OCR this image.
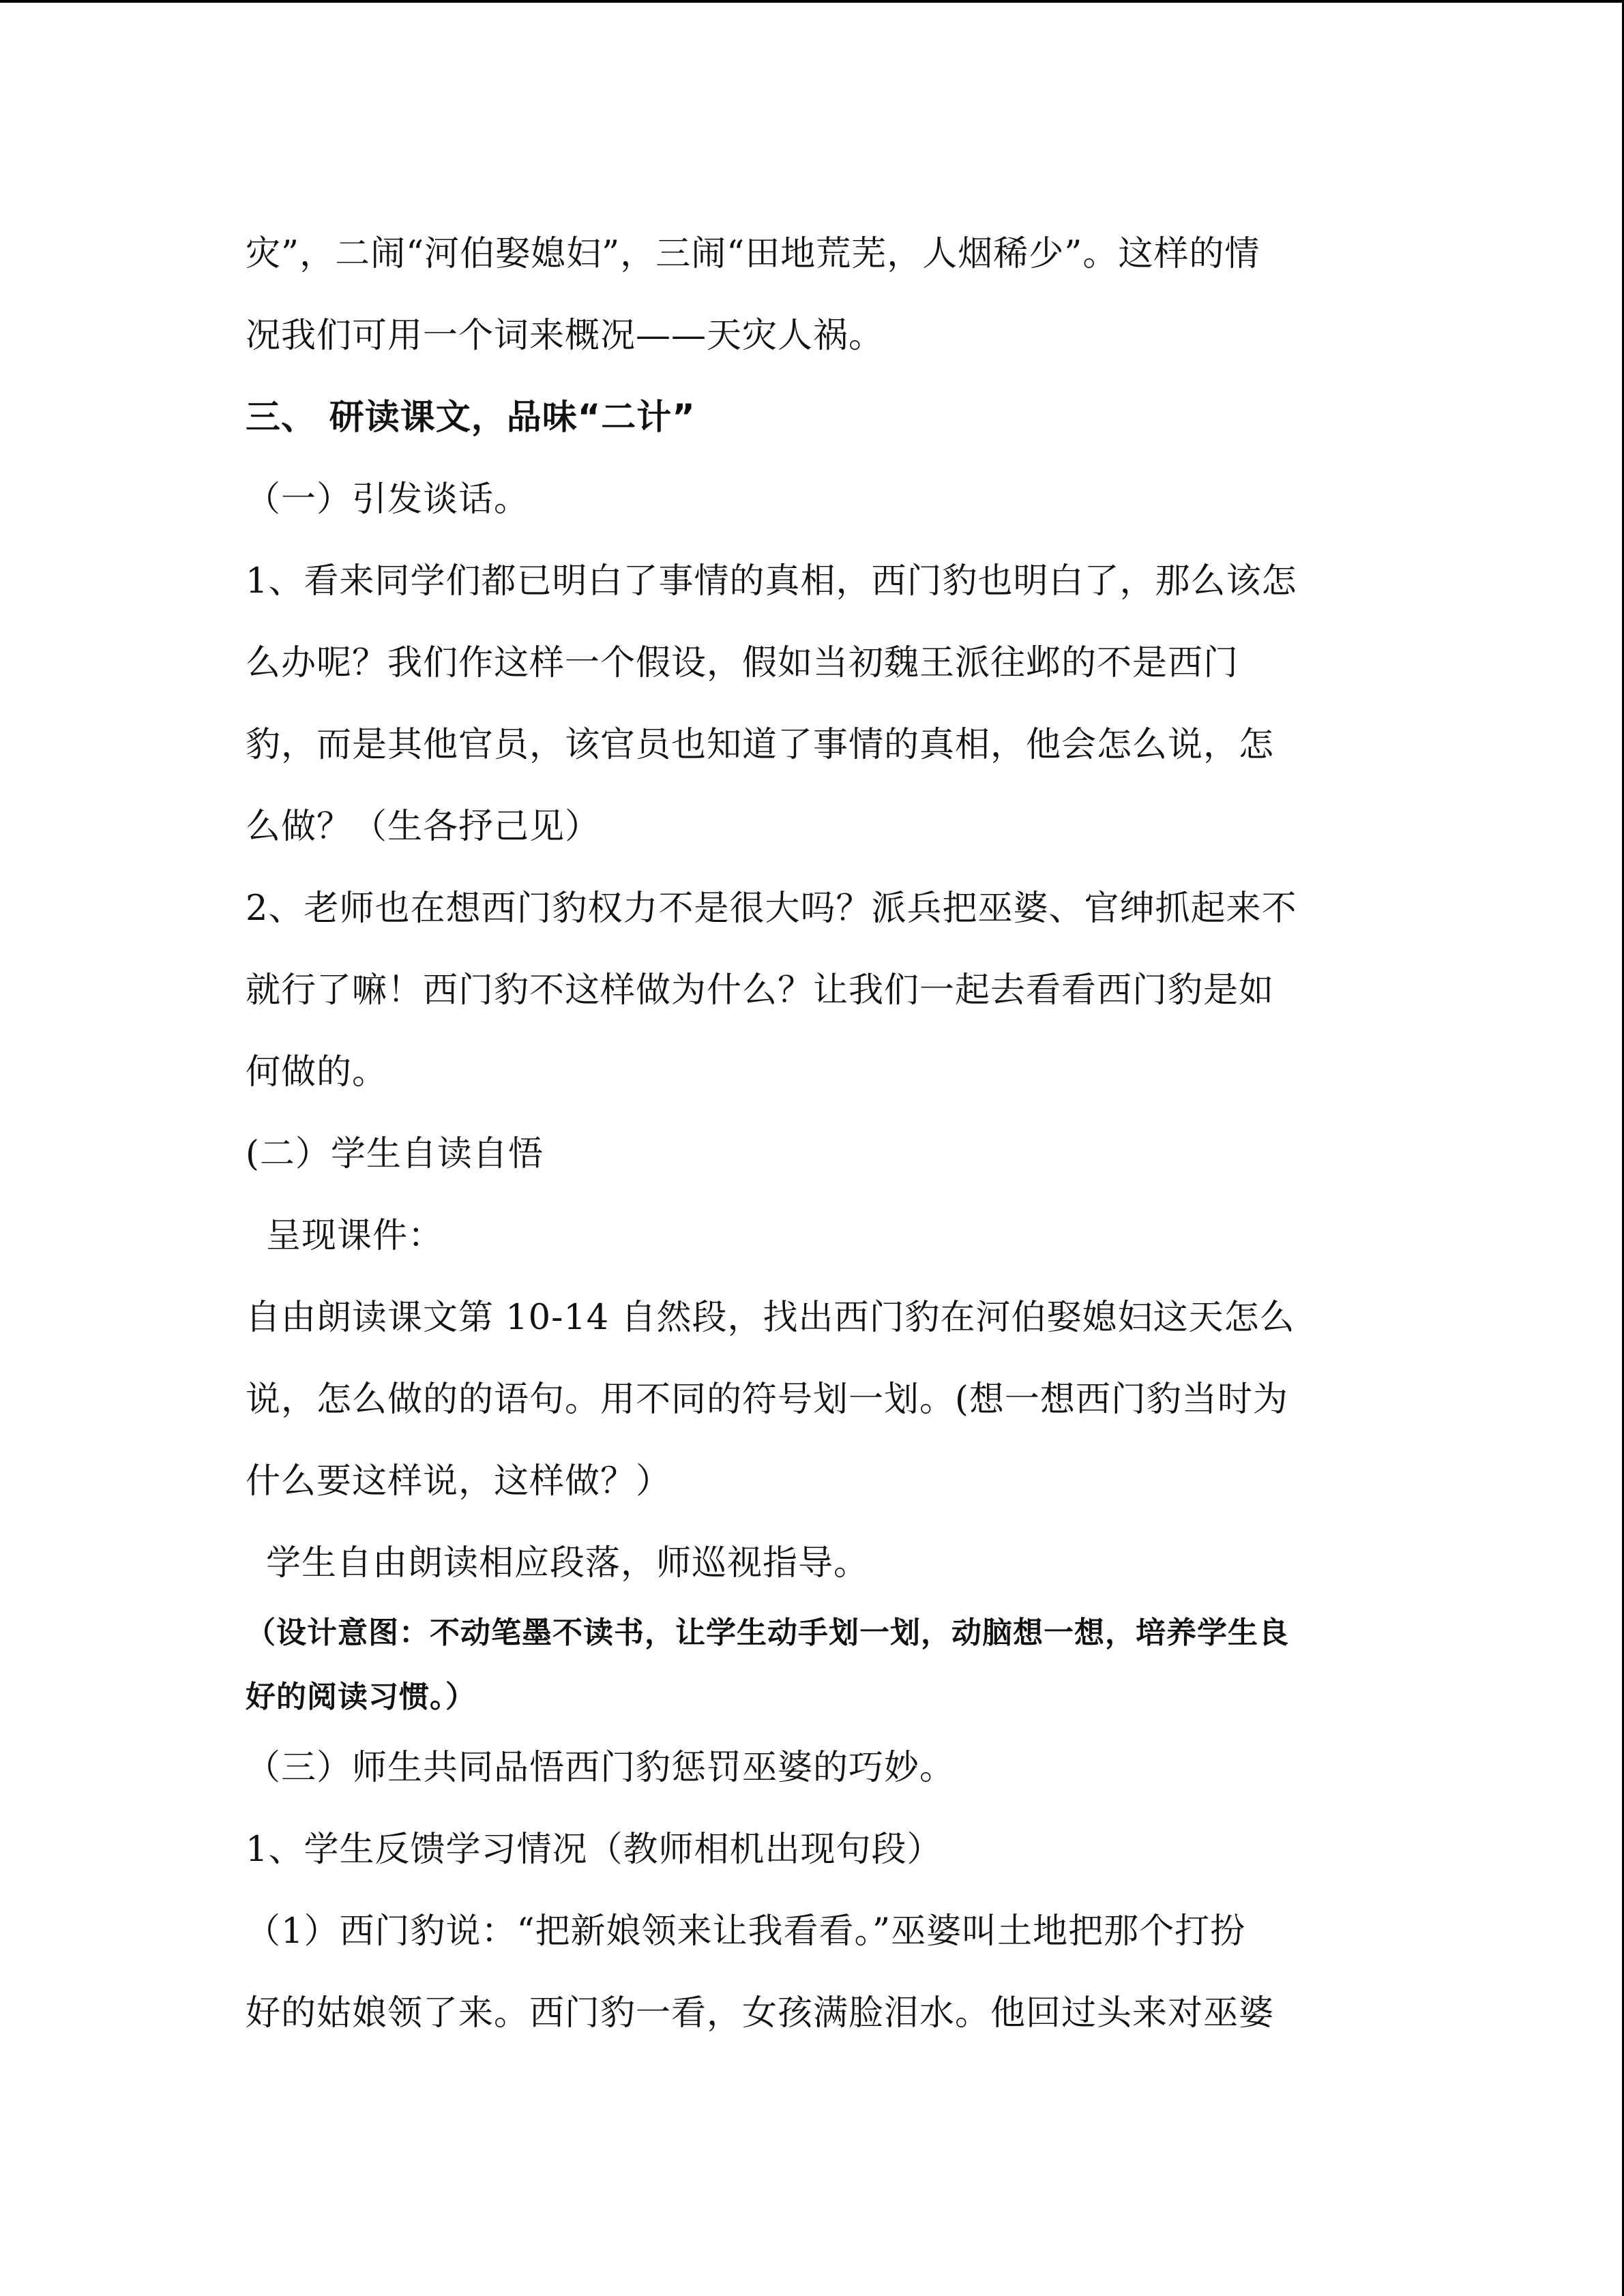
灾”，二闹“河伯娶媳妇”，三闹“田地荒芜，人烟稀少”。这样的情
况我们可用一个词来概况——天灾人祸。
三、 研读课文，品味“二计”
（一）引发谈话。
1、看来同学们都已明白了事情的真相，西门豹也明白了，那么该怎
么办呢？我们作这样一个假设，假如当初魏王派往邺的不是西门
豹，而是其他官员，该官员也知道了事情的真相，他会怎么说，怎
么做？（生各抒己见）
2、老师也在想西门豹权力不是很大吗？派兵把巫婆、官绅抓起来不
就行了嘛！西门豹不这样做为什么？让我们一起去看看西门豹是如
何做的。
(二）学生自读自悟
呈现课件：
自由朗读课文第 10-14 自然段，找出西门豹在河伯娶媳妇这天怎么
说，怎么做的的语句。用不同的符号划一划。(想一想西门豹当时为
什么要这样说，这样做？）
学生自由朗读相应段落，师巡视指导。
（设计意图：不动笔墨不读书，让学生动手划一划，动脑想一想，培养学生良
好的阅读习惯。）
（三）师生共同品悟西门豹惩罚巫婆的巧妙。
1、学生反馈学习情况（教师相机出现句段）
（1）西门豹说：“把新娘领来让我看看。”巫婆叫土地把那个打扮
好的姑娘领了来。西门豹一看，女孩满脸泪水。他回过头来对巫婆
